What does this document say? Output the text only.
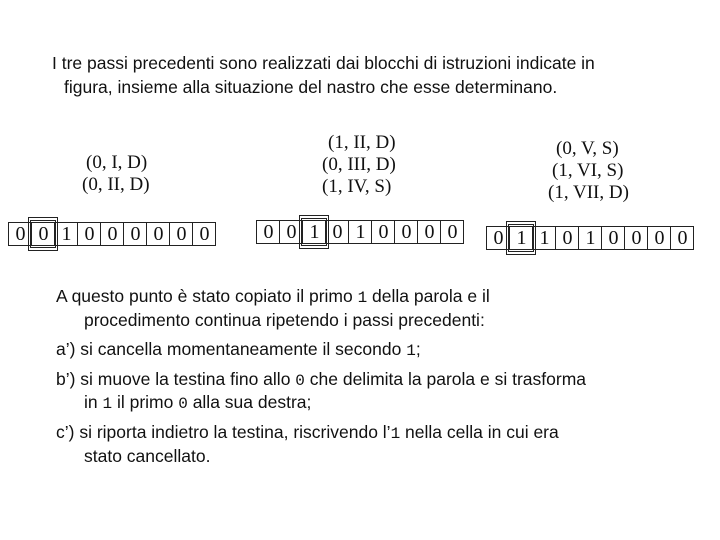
I tre passi precedenti sono realizzati dai blocchi di istruzioni indicate in
figura, insieme alla situazione del nastro che esse determinano.
(0, I, D)
(0, II, D)
(1, II, D)
(0, III, D)
(1, IV, S)
(0, V, S)
(1, VI, S)
(1, VII, D)
0 0 1 0 0 0 0 0 0	0 0 1 0 1 0 0 0 0	0 1 1 0 1 0 0 0 0
A questo punto è stato copiato il primo 1 della parola e il
procedimento continua ripetendo i passi precedenti:
a’) si cancella momentaneamente il secondo 1;
b’) si muove la testina fino allo 0 che delimita la parola e si trasforma
in 1 il primo 0 alla sua destra;
c’) si riporta indietro la testina, riscrivendo l’1 nella cella in cui era
stato cancellato.
